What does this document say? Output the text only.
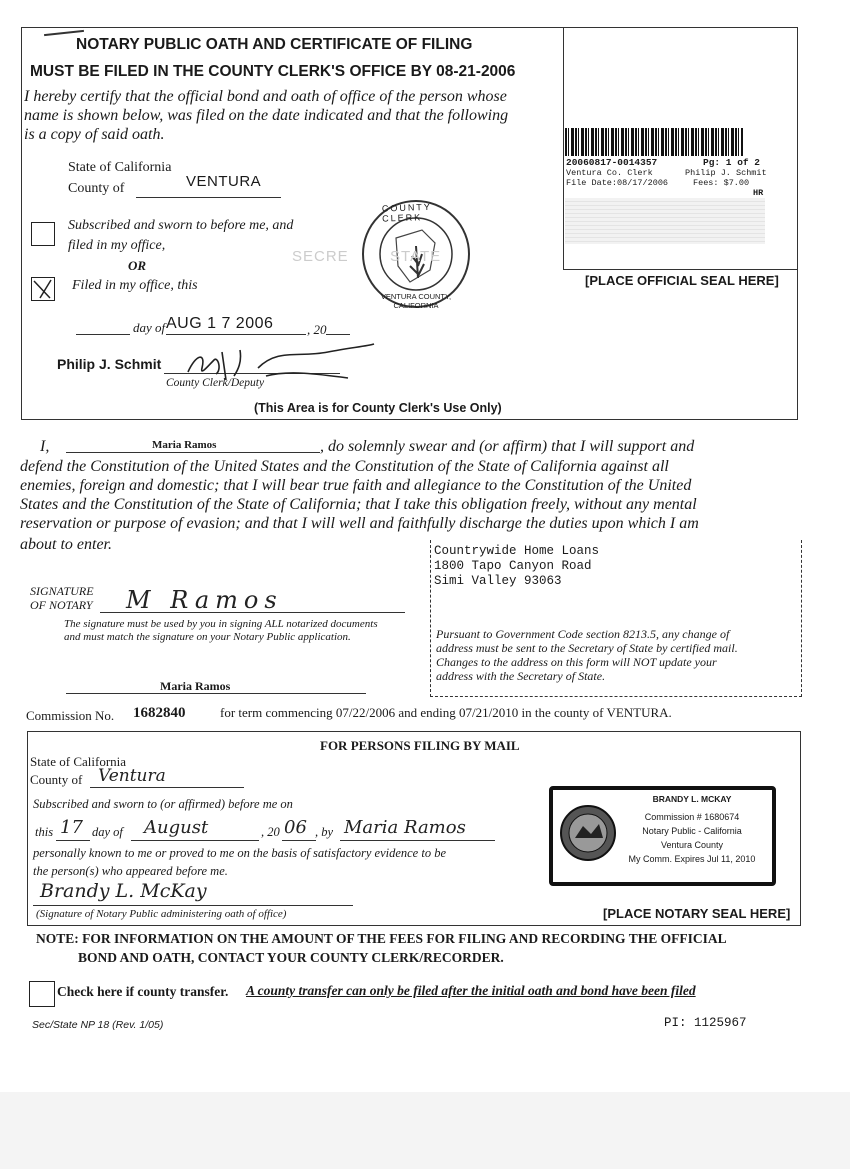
NOTARY PUBLIC OATH AND CERTIFICATE OF FILING
MUST BE FILED IN THE COUNTY CLERK'S OFFICE BY 08-21-2006
I hereby certify that the official bond and oath of office of the person whose
name is shown below, was filed on the date indicated and that the following
is a copy of said oath.
State of California
County of	VENTURA
Subscribed and sworn to before me, and
filed in my office,
OR
Filed in my office, this
day of AUG 1 7 2006	, 20
COUNTY CLERK
VENTURA COUNTY, CALIFORNIA
SECRE        STATE
Philip J. Schmit
County Clerk/Deputy
(This Area is for County Clerk's Use Only)
20060817-0014357	Pg: 1 of 2
Ventura Co. Clerk	Philip J. Schmit
File Date:08/17/2006	Fees: $7.00
HR
[PLACE OFFICIAL SEAL HERE]
I,	Maria Ramos	, do solemnly swear and (or affirm) that I will support and
defend the Constitution of the United States and the Constitution of the State of California against all
enemies, foreign and domestic; that I will bear true faith and allegiance to the Constitution of the United
States and the Constitution of the State of California; that I take this obligation freely, without any mental
reservation or purpose of evasion; and that I will well and faithfully discharge the duties upon which I am
about to enter.
SIGNATURE
OF NOTARY M Ramos
The signature must be used by you in signing ALL notarized documents
and must match the signature on your Notary Public application.
Maria Ramos
Countrywide Home Loans
1800 Tapo Canyon Road
Simi Valley 93063
Pursuant to Government Code section 8213.5, any change of
address must be sent to the Secretary of State by certified mail.
Changes to the address on this form will NOT update your
address with the Secretary of State.
Commission No. 1682840	for term commencing 07/22/2006 and ending 07/21/2010 in the county of VENTURA.
FOR PERSONS FILING BY MAIL
State of California
County of Ventura
Subscribed and sworn to (or affirmed) before me on
this 17 day of August	, 20 06 , by Maria Ramos
personally known to me or proved to me on the basis of satisfactory evidence to be
the person(s) who appeared before me.
Brandy L. McKay
(Signature of Notary Public administering oath of office)
BRANDY L. MCKAY
Commission # 1680674
Notary Public - California
Ventura County
My Comm. Expires Jul 11, 2010
[PLACE NOTARY SEAL HERE]
NOTE: FOR INFORMATION ON THE AMOUNT OF THE FEES FOR FILING AND RECORDING THE OFFICIAL
BOND AND OATH, CONTACT YOUR COUNTY CLERK/RECORDER.
Check here if county transfer. A county transfer can only be filed after the initial oath and bond have been filed
Sec/State NP 18 (Rev. 1/05)	PI: 1125967
